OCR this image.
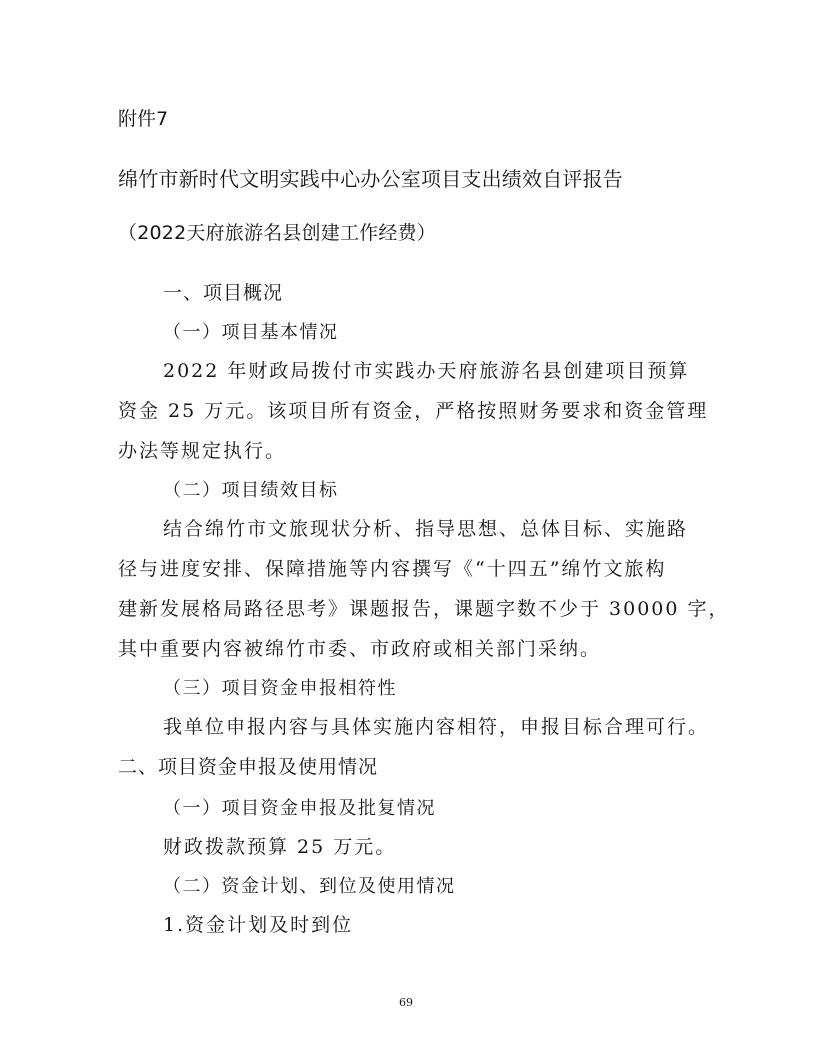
附件7
绵竹市新时代文明实践中心办公室项目支出绩效自评报告
（2022天府旅游名县创建工作经费）
一、项目概况
（一）项目基本情况
2022 年财政局拨付市实践办天府旅游名县创建项目预算
资金 25 万元。该项目所有资金，严格按照财务要求和资金管理
办法等规定执行。
（二）项目绩效目标
结合绵竹市文旅现状分析、指导思想、总体目标、实施路
径与进度安排、保障措施等内容撰写《“十四五”绵竹文旅构
建新发展格局路径思考》课题报告，课题字数不少于 30000 字，
其中重要内容被绵竹市委、市政府或相关部门采纳。
（三）项目资金申报相符性
我单位申报内容与具体实施内容相符，申报目标合理可行。
二、项目资金申报及使用情况
（一）项目资金申报及批复情况
财政拨款预算 25 万元。
（二）资金计划、到位及使用情况
1.资金计划及时到位
69
